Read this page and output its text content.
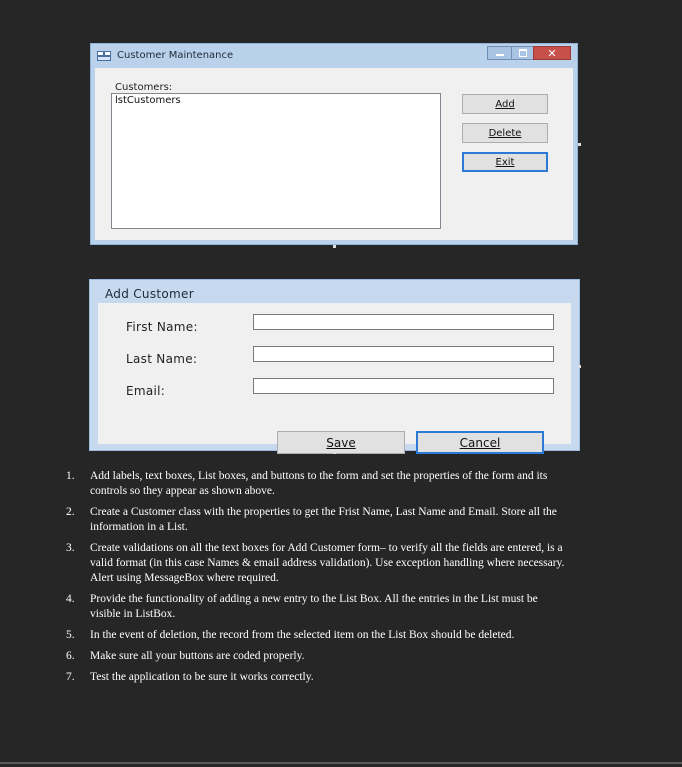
Customer Maintenance	✕
Customers:
lstCustomers	Add
Delete
Exit
Add Customer
First Name:
Last Name:
Email:
Save	Cancel
1.	Add labels, text boxes, List boxes, and buttons to the form and set the properties of the form and its controls so they appear as shown above.
2.	Create a Customer class with the properties to get the Frist Name, Last Name and Email. Store all the information in a List.
3.	Create validations on all the text boxes for Add Customer form– to verify all the fields are entered, is a valid format (in this case Names & email address validation). Use exception handling where necessary. Alert using MessageBox where required.
4.	Provide the functionality of adding a new entry to the List Box. All the entries in the List must be visible in ListBox.
5.	In the event of deletion, the record from the selected item on the List Box should be deleted.
6.	Make sure all your buttons are coded properly.
7.	Test the application to be sure it works correctly.
